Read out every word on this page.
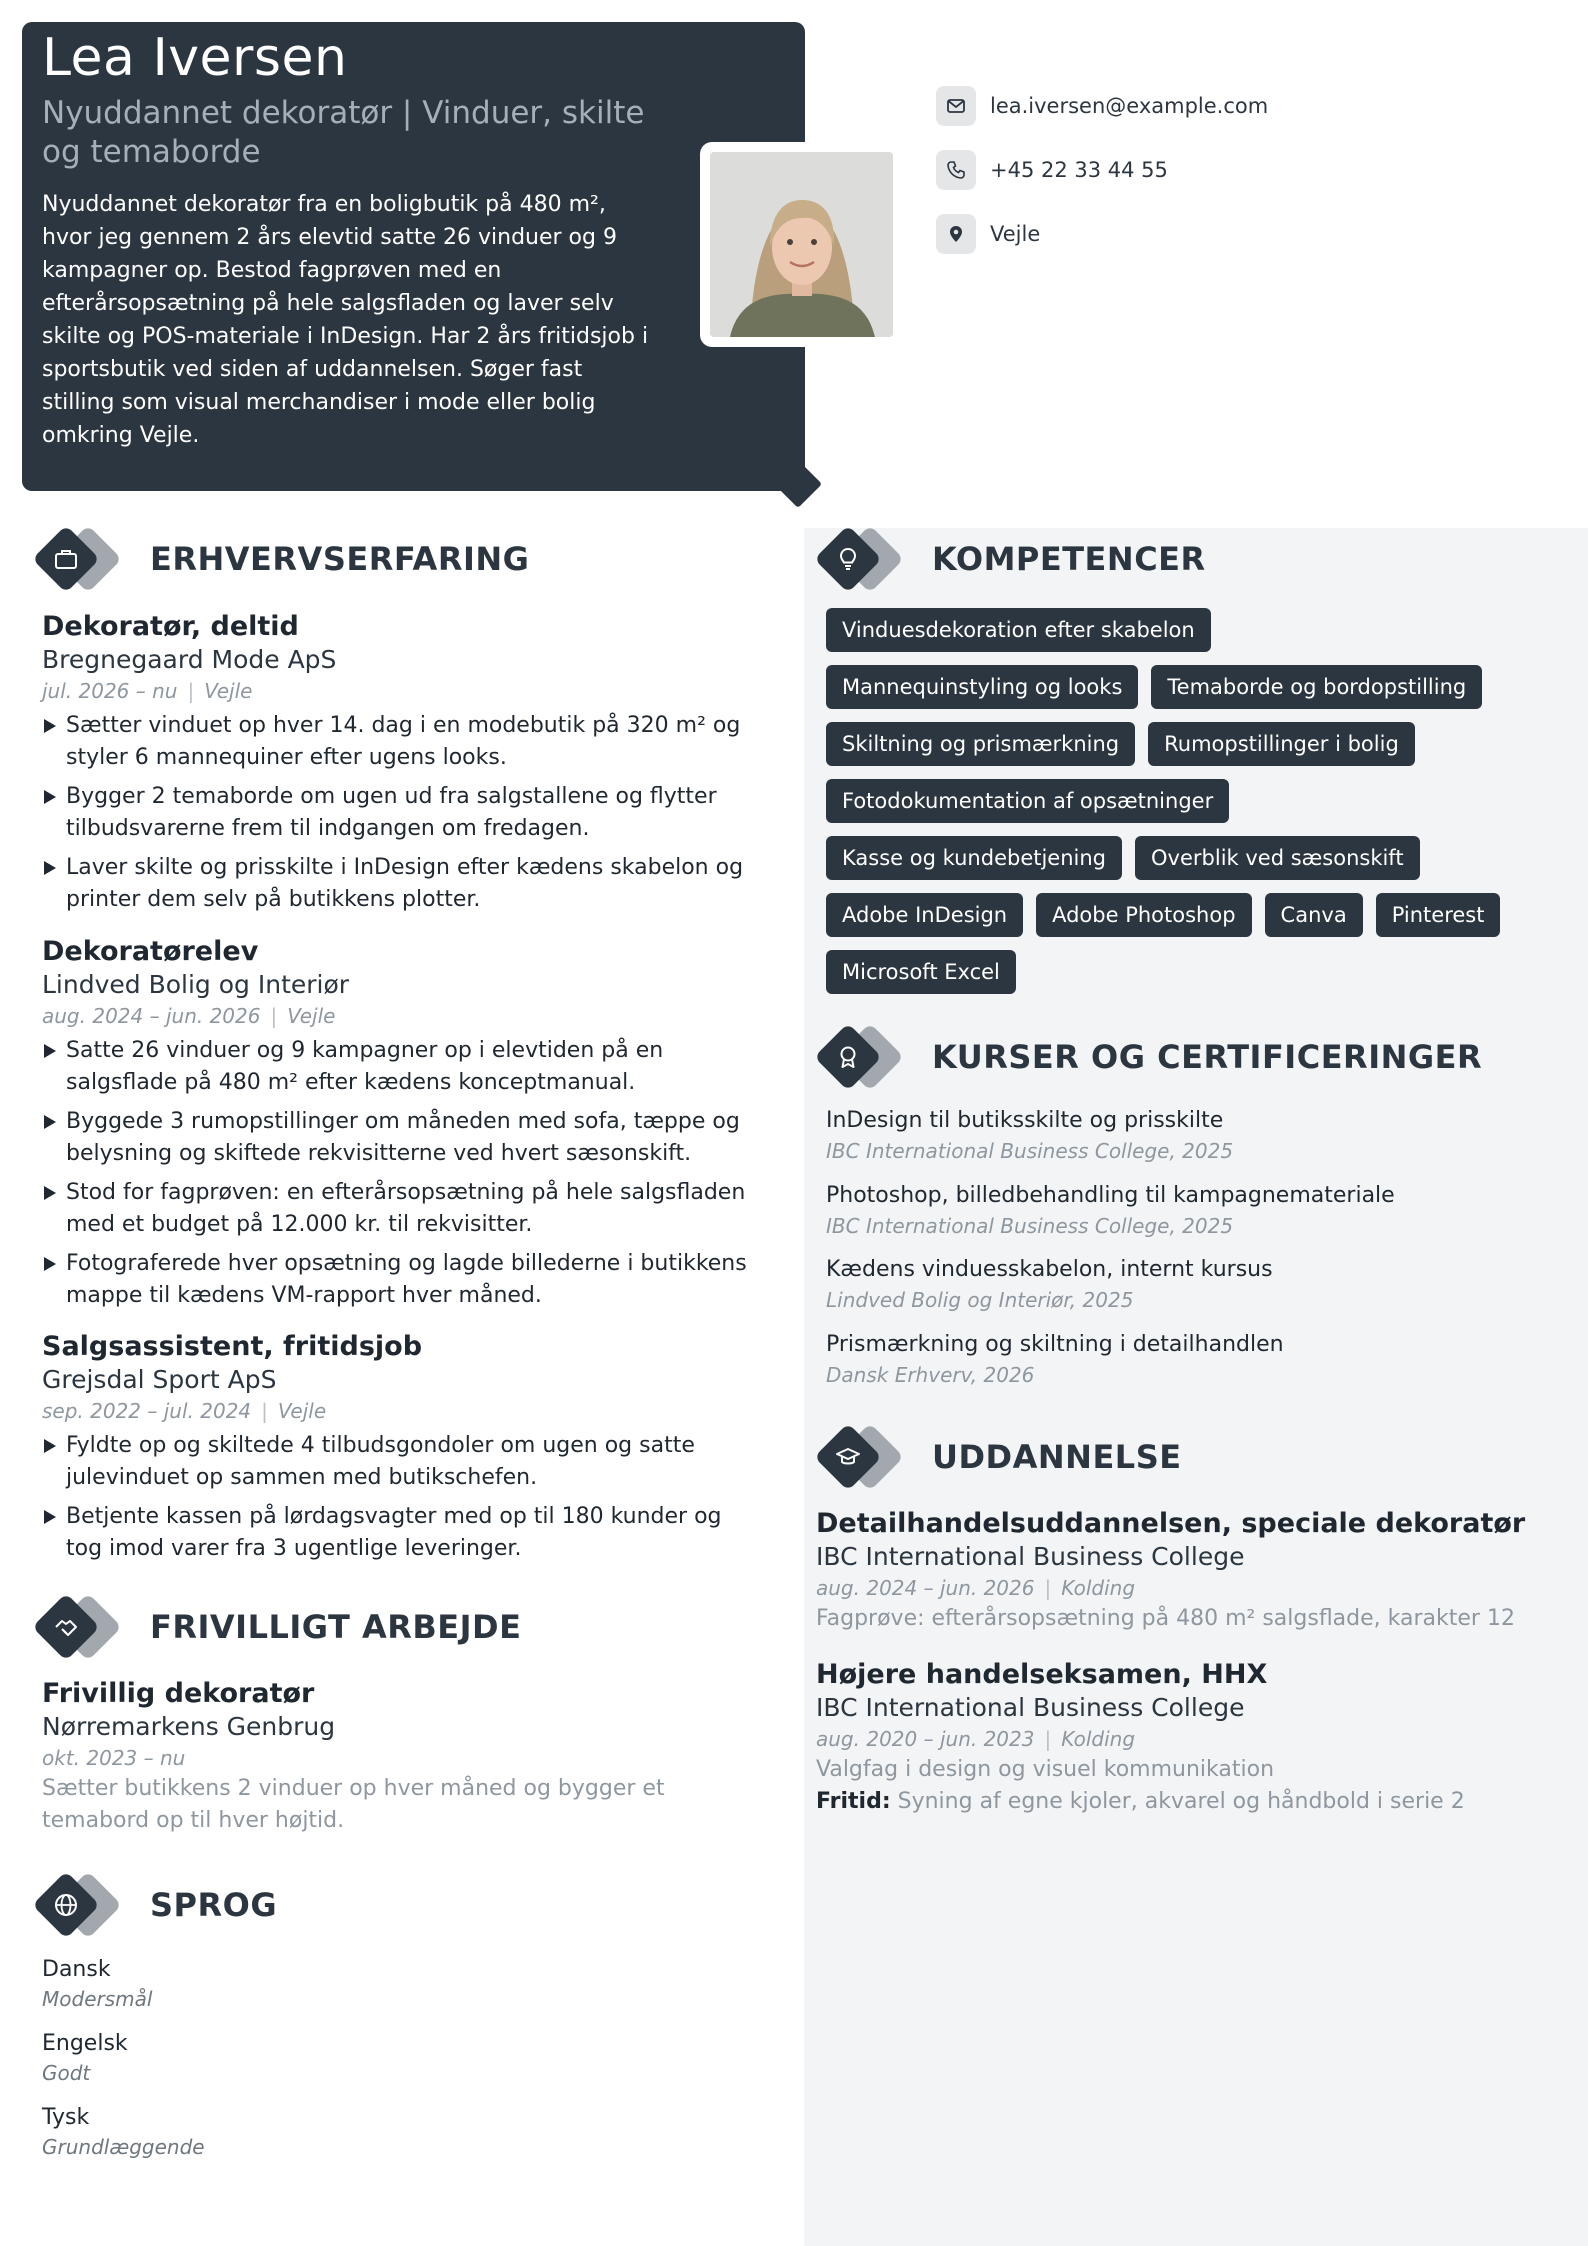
Lea Iversen
Nyuddannet dekoratør | Vinduer, skilte og temaborde
Nyuddannet dekoratør fra en boligbutik på 480 m², hvor jeg gennem 2 års elevtid satte 26 vinduer og 9 kampagner op. Bestod fagprøven med en efterårsopsætning på hele salgsfladen og laver selv skilte og POS-materiale i InDesign. Har 2 års fritidsjob i sportsbutik ved siden af uddannelsen. Søger fast stilling som visual merchandiser i mode eller bolig omkring Vejle.
lea.iversen@example.com
+45 22 33 44 55
Vejle
ERHVERVSERFARING
Dekoratør, deltid
Bregnegaard Mode ApS
jul. 2026 – nu | Vejle
Sætter vinduet op hver 14. dag i en modebutik på 320 m² og styler 6 mannequiner efter ugens looks.
Bygger 2 temaborde om ugen ud fra salgstallene og flytter tilbudsvarerne frem til indgangen om fredagen.
Laver skilte og prisskilte i InDesign efter kædens skabelon og printer dem selv på butikkens plotter.
Dekoratørelev
Lindved Bolig og Interiør
aug. 2024 – jun. 2026 | Vejle
Satte 26 vinduer og 9 kampagner op i elevtiden på en salgsflade på 480 m² efter kædens konceptmanual.
Byggede 3 rumopstillinger om måneden med sofa, tæppe og belysning og skiftede rekvisitterne ved hvert sæsonskift.
Stod for fagprøven: en efterårsopsætning på hele salgsfladen med et budget på 12.000 kr. til rekvisitter.
Fotograferede hver opsætning og lagde billederne i butikkens mappe til kædens VM-rapport hver måned.
Salgsassistent, fritidsjob
Grejsdal Sport ApS
sep. 2022 – jul. 2024 | Vejle
Fyldte op og skiltede 4 tilbudsgondoler om ugen og satte julevinduet op sammen med butikschefen.
Betjente kassen på lørdagsvagter med op til 180 kunder og tog imod varer fra 3 ugentlige leveringer.
FRIVILLIGT ARBEJDE
Frivillig dekoratør
Nørremarkens Genbrug
okt. 2023 – nu
Sætter butikkens 2 vinduer op hver måned og bygger et temabord op til hver højtid.
SPROG
Dansk
Modersmål
Engelsk
Godt
Tysk
Grundlæggende
KOMPETENCER
Vinduesdekoration efter skabelon
Mannequinstyling og looks	Temaborde og bordopstilling
Skiltning og prismærkning	Rumopstillinger i bolig
Fotodokumentation af opsætninger
Kasse og kundebetjening	Overblik ved sæsonskift
Adobe InDesign	Adobe Photoshop	Canva	Pinterest
Microsoft Excel
KURSER OG CERTIFICERINGER
InDesign til butiksskilte og prisskilte
IBC International Business College, 2025
Photoshop, billedbehandling til kampagnemateriale
IBC International Business College, 2025
Kædens vinduesskabelon, internt kursus
Lindved Bolig og Interiør, 2025
Prismærkning og skiltning i detailhandlen
Dansk Erhverv, 2026
UDDANNELSE
Detailhandelsuddannelsen, speciale dekoratør
IBC International Business College
aug. 2024 – jun. 2026 | Kolding
Fagprøve: efterårsopsætning på 480 m² salgsflade, karakter 12
Højere handelseksamen, HHX
IBC International Business College
aug. 2020 – jun. 2023 | Kolding
Valgfag i design og visuel kommunikation
Fritid: Syning af egne kjoler, akvarel og håndbold i serie 2
